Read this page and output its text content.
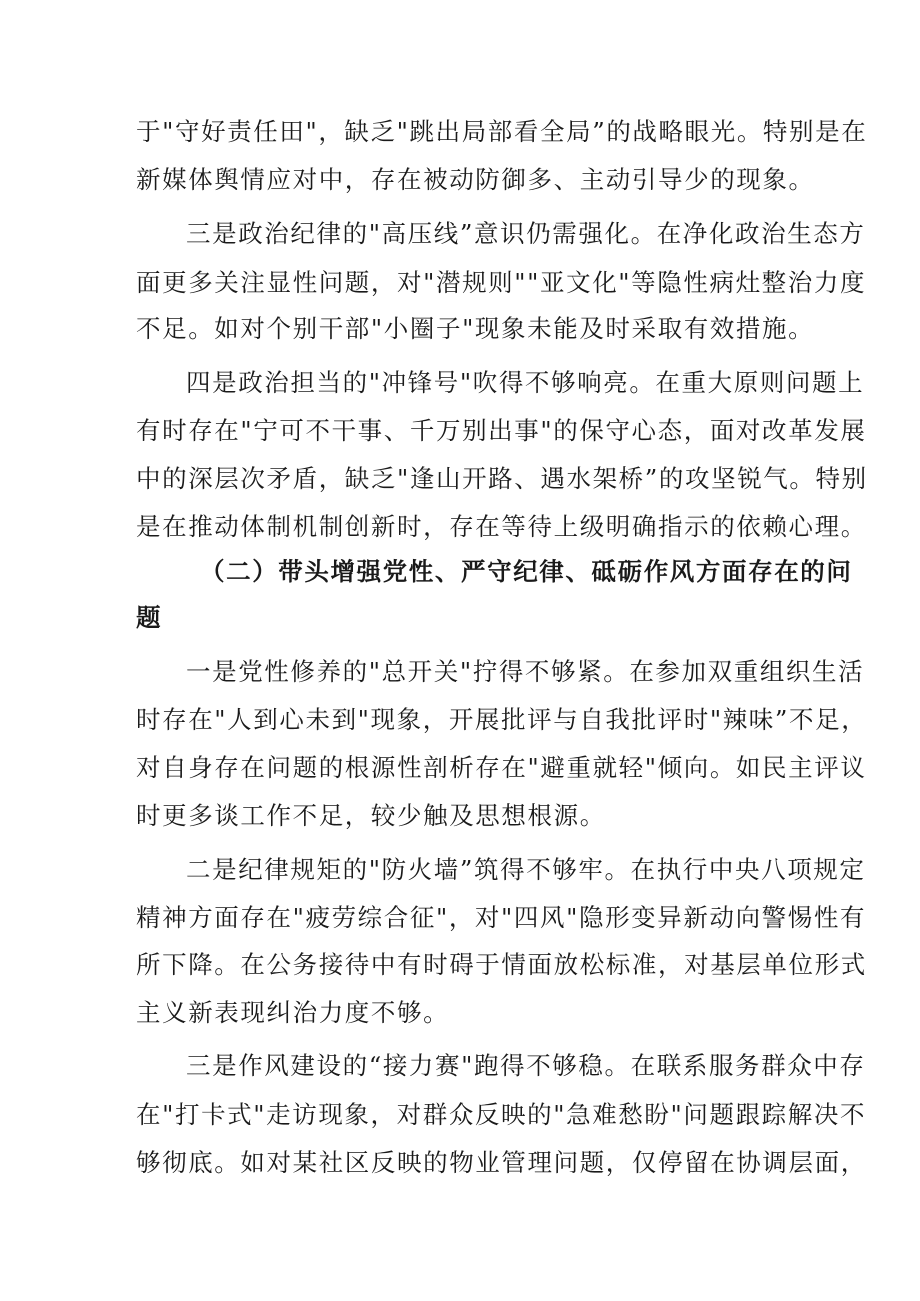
于"守好责任田"，缺乏"跳出局部看全局”的战略眼光。特别是在
新媒体舆情应对中，存在被动防御多、主动引导少的现象。
三是政治纪律的"高压线”意识仍需强化。在净化政治生态方
面更多关注显性问题，对"潜规则""亚文化"等隐性病灶整治力度
不足。如对个别干部"小圈子"现象未能及时采取有效措施。
四是政治担当的"冲锋号"吹得不够响亮。在重大原则问题上
有时存在"宁可不干事、千万别出事"的保守心态，面对改革发展
中的深层次矛盾，缺乏"逢山开路、遇水架桥”的攻坚锐气。特别
是在推动体制机制创新时，存在等待上级明确指示的依赖心理。
（二）带头增强党性、严守纪律、砥砺作风方面存在的问
题
一是党性修养的"总开关"拧得不够紧。在参加双重组织生活
时存在"人到心未到"现象，开展批评与自我批评时"辣味”不足，
对自身存在问题的根源性剖析存在"避重就轻"倾向。如民主评议
时更多谈工作不足，较少触及思想根源。
二是纪律规矩的"防火墙”筑得不够牢。在执行中央八项规定
精神方面存在"疲劳综合征"，对"四风"隐形变异新动向警惕性有
所下降。在公务接待中有时碍于情面放松标准，对基层单位形式
主义新表现纠治力度不够。
三是作风建设的“接力赛"跑得不够稳。在联系服务群众中存
在"打卡式"走访现象，对群众反映的"急难愁盼"问题跟踪解决不
够彻底。如对某社区反映的物业管理问题，仅停留在协调层面，
